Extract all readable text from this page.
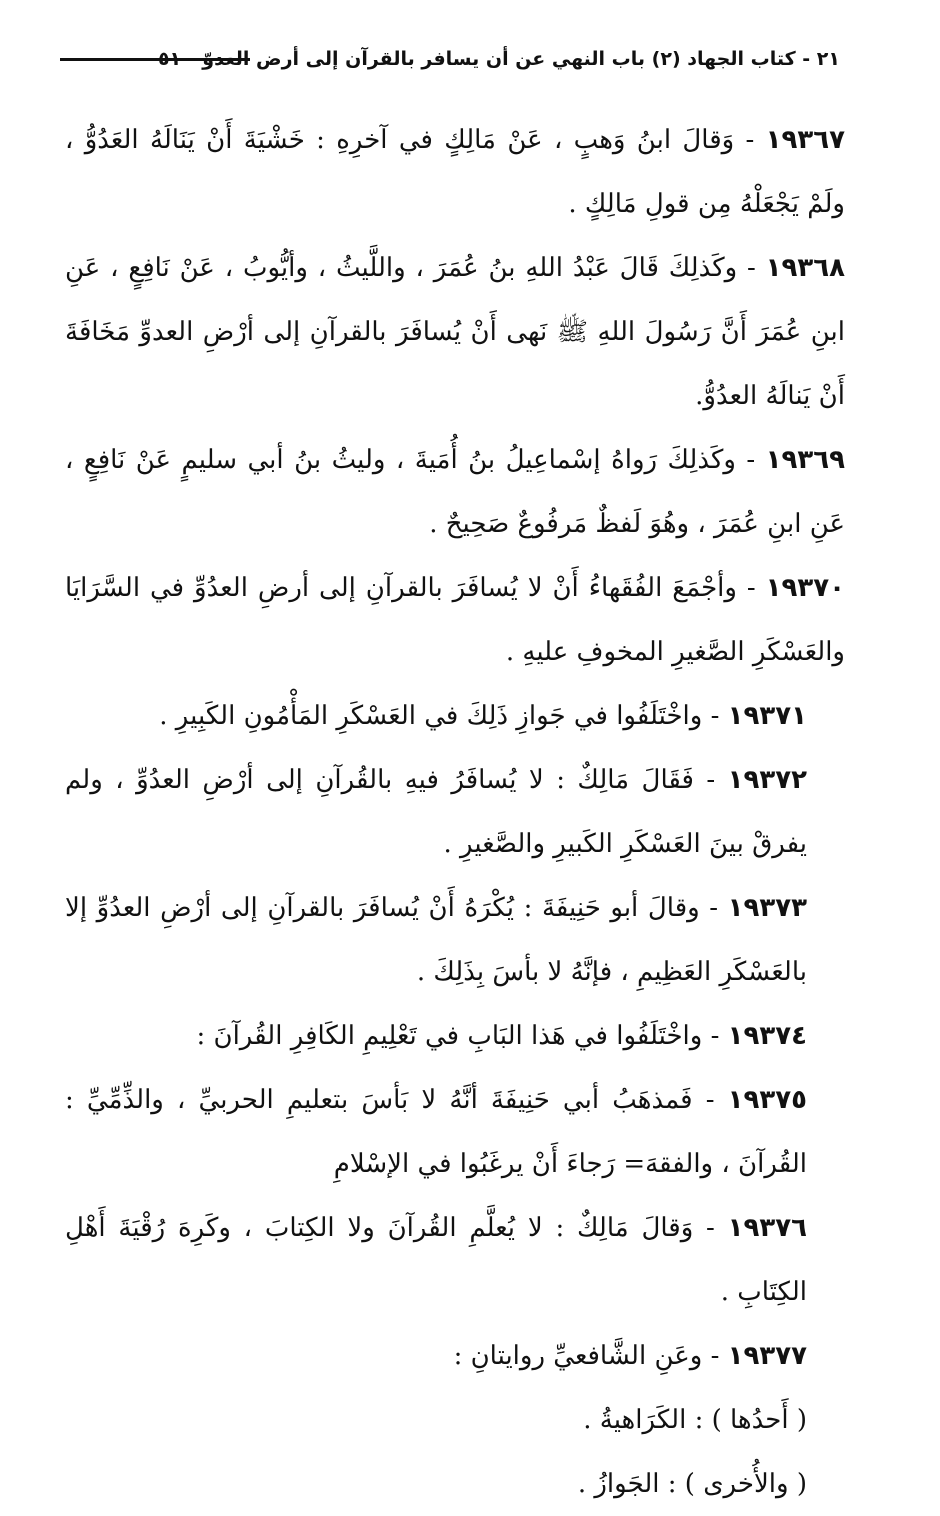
٢١ - كتاب الجهاد (٢) باب النهي عن أن يسافر بالقرآن إلى أرض العدوّ - ٥١

١٩٣٦٧ - وَقالَ ابنُ وَهبٍ ، عَنْ مَالِكٍ في آخرِهِ : خَشْيَةَ أَنْ يَنَالَهُ العَدُوُّ ، ولَمْ يَجْعَلْهُ مِن قولِ مَالِكٍ .

١٩٣٦٨ - وكَذلِكَ قَالَ عَبْدُ اللهِ بنُ عُمَرَ ، واللَّيثُ ، وأيُّوبُ ، عَنْ نَافِعٍ ، عَنِ ابنِ عُمَرَ أَنَّ رَسُولَ اللهِ ﷺ نَهى أَنْ يُسافَرَ بالقرآنِ إلى أرْضِ العدوِّ مَخَافَةَ أَنْ يَنالَهُ العدُوُّ.

١٩٣٦٩ - وكَذلِكَ رَواهُ إسْماعِيلُ بنُ أُمَيةَ ، وليثُ بنُ أبي سليمٍ عَنْ نَافِعٍ ، عَنِ ابنِ عُمَرَ ، وهُوَ لَفظٌ مَرفُوعٌ صَحِيحٌ .

١٩٣٧٠ - وأجْمَعَ الفُقَهاءُ أَنْ لا يُسافَرَ بالقرآنِ إلى أرضِ العدُوِّ في السَّرَايَا والعَسْكَرِ الصَّغيرِ المخوفِ عليهِ .

١٩٣٧١ - واخْتَلَفُوا في جَوازِ ذَلِكَ في العَسْكَرِ المَأْمُونِ الكَبِيرِ .

١٩٣٧٢ - فَقَالَ مَالِكٌ : لا يُسافَرُ فيهِ بالقُرآنِ إلى أرْضِ العدُوِّ ، ولم يفرقْ بينَ العَسْكَرِ الكَبيرِ والصَّغيرِ .

١٩٣٧٣ - وقالَ أبو حَنِيفَةَ : يُكْرَهُ أَنْ يُسافَرَ بالقرآنِ إلى أرْضِ العدُوِّ إلا بالعَسْكَرِ العَظِيمِ ، فإنَّهُ لا بأسَ بِذَلِكَ .

١٩٣٧٤ - واخْتَلَفُوا في هَذا البَابِ في تَعْلِيمِ الكَافِرِ القُرآنَ :

١٩٣٧٥ - فَمذهَبُ أبي حَنِيفَةَ أنَّهُ لا بَأسَ بتعليمِ الحربيِّ ، والذِّمِّيِّ : القُرآنَ ، والفقهَ= رَجاءَ أَنْ يرغَبُوا في الإسْلامِ

١٩٣٧٦ - وَقالَ مَالِكٌ : لا يُعلَّمِ القُرآنَ ولا الكِتابَ ، وكَرِهَ رُقْيَةَ أَهْلِ الكِتَابِ .

١٩٣٧٧ - وعَنِ الشَّافعيِّ روايتانِ :

( أَحدُها ) : الكَرَاهيةُ .

( والأُخرى ) : الجَوازُ .
